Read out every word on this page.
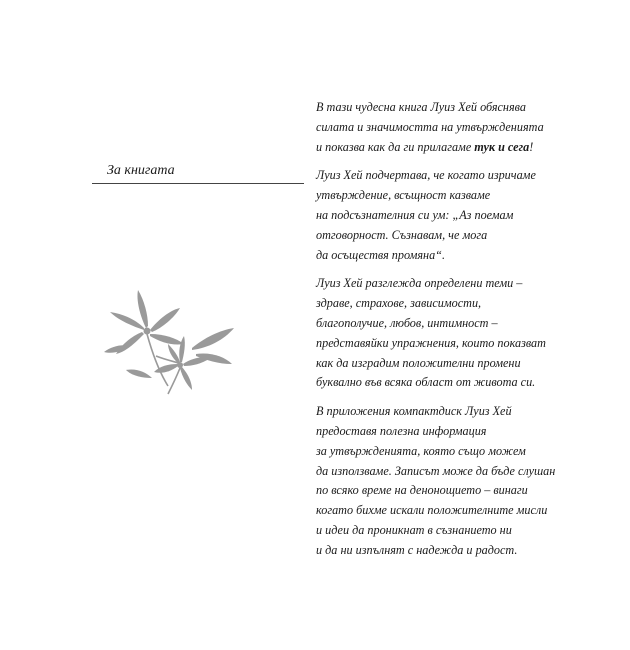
За книгата
В тази чудесна книга Луиз Хей обяснява
силата и значимостта на утвържденията
и показва как да ги прилагаме тук и сега!
Луиз Хей подчертава, че когато изричаме
утвърждение, всъщност казваме
на подсъзнателния си ум: „Аз поемам
отговорност. Съзнавам, че мога
да осъществя промяна“.
Луиз Хей разглежда определени теми –
здраве, страхове, зависимости,
благополучие, любов, интимност –
представяйки упражнения, които показват
как да изградим положителни промени
буквално във всяка област от живота си.
В приложения компактдиск Луиз Хей
предоставя полезна информация
за утвържденията, която също можем
да използваме. Записът може да бъде слушан
по всяко време на денонощието – винаги
когато бихме искали положителните мисли
и идеи да проникнат в съзнанието ни
и да ни изпълнят с надежда и радост.
